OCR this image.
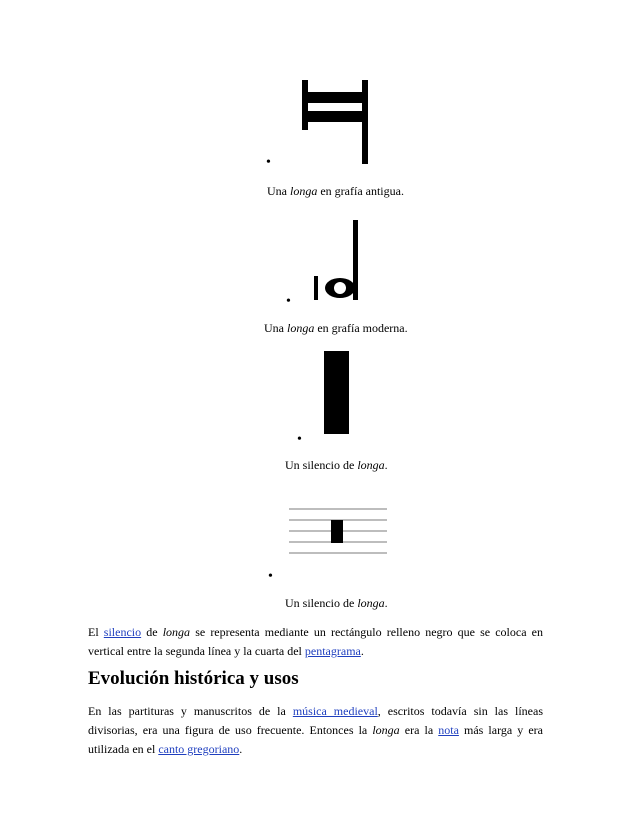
•
Una longa en grafía antigua.
•
Una longa en grafía moderna.
•
Un silencio de longa.
•
Un silencio de longa.
El silencio de longa se representa mediante un rectángulo relleno negro que se coloca en vertical entre la segunda línea y la cuarta del pentagrama.
Evolución histórica y usos
En las partituras y manuscritos de la música medieval, escritos todavía sin las líneas divisorias, era una figura de uso frecuente. Entonces la longa era la nota más larga y era utilizada en el canto gregoriano.
